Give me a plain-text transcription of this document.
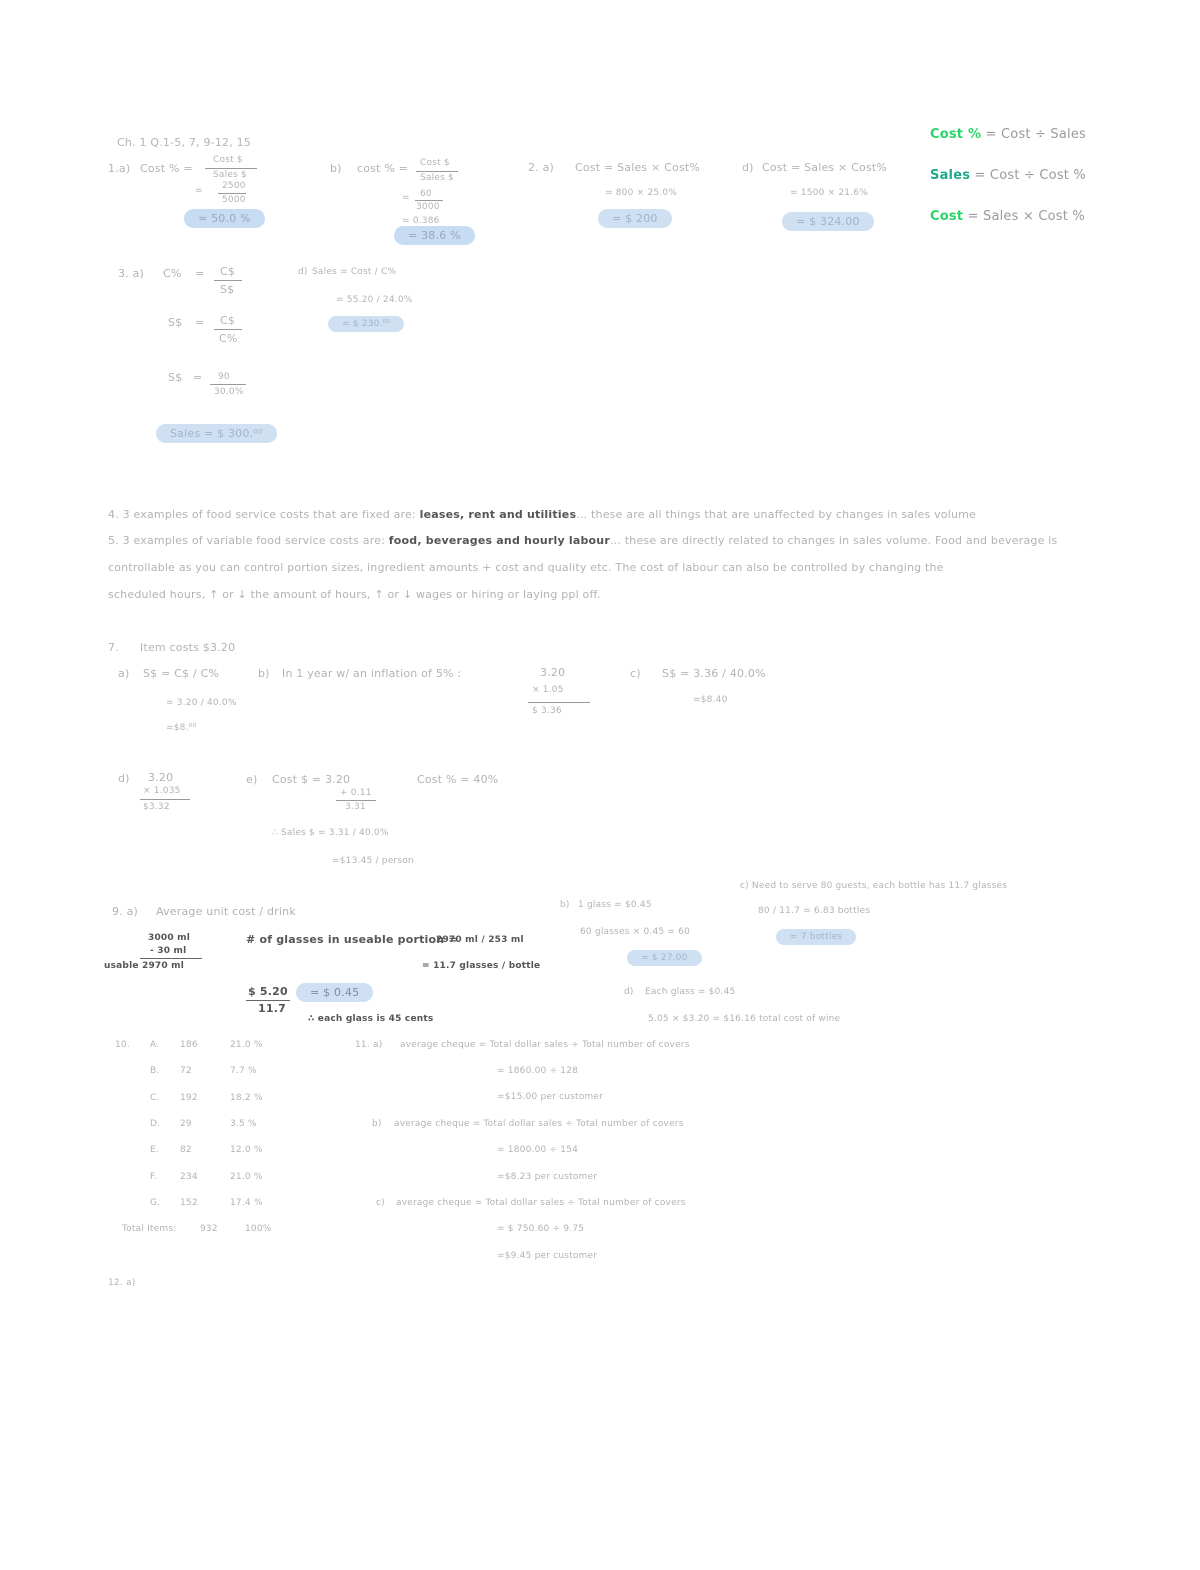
Cost % = Cost ÷ Sales
Sales = Cost ÷ Cost %
Cost = Sales × Cost %
Ch. 1 Q.1-5, 7, 9-12, 15
1.a) Cost % =
Cost $
Sales $
= 2500
5000
= 50.0 %
b) cost % = Cost $
Sales $
= 60
3000
= 0.386
= 38.6 %
2. a) Cost = Sales × Cost%
= 800 × 25.0%
= $ 200
d) Cost = Sales × Cost%
= 1500 × 21.6%
= $ 324.00
3. a) C% = C$
S$
S$ = C$
C%
S$ = 90
30.0%
Sales = $ 300.⁰⁰
d) Sales = Cost / C%
= 55.20 / 24.0%
= $ 230.⁰⁰
4. 3 examples of food service costs that are fixed are: leases, rent and utilities... these are all things that are unaffected by changes in sales volume
5. 3 examples of variable food service costs are: food, beverages and hourly labour... these are directly related to changes in sales volume. Food and beverage is
controllable as you can control portion sizes, ingredient amounts + cost and quality etc. The cost of labour can also be controlled by changing the
scheduled hours, ↑ or ↓ the amount of hours, ↑ or ↓ wages or hiring or laying ppl off.
7. Item costs $3.20
a) S$ = C$ / C%
= 3.20 / 40.0%
=$8.⁰⁰
b) In 1 year w/ an inflation of 5% :	3.20
× 1.05
$ 3.36
c) S$ = 3.36 / 40.0%
=$8.40
d) 3.20
× 1.035
$3.32
e) Cost $ = 3.20
+ 0.11
3.31
Cost % = 40%
∴ Sales $ = 3.31 / 40.0%
=$13.45 / person
c) Need to serve 80 guests, each bottle has 11.7 glasses
9. a) Average unit cost / drink	b) 1 glass = $0.45
60 glasses × 0.45 = 60
= $ 27.00
80 / 11.7 = 6.83 bottles
= 7 bottles
3000 ml
- 30 ml
usable 2970 ml
# of glasses in useable portion =
2970 ml / 253 ml
= 11.7 glasses / bottle
$ 5.20
11.7
= $ 0.45
∴ each glass is 45 cents
d) Each glass = $0.45
5.05 × $3.20 = $16.16 total cost of wine
10. A. 186	21.0 %
B. 72	7.7 %
C. 192	18.2 %
D. 29	3.5 %
E. 82	12.0 %
F.	234	21.0 %
G. 152	17.4 %
Total Items:	932	100%
11. a) average cheque = Total dollar sales ÷ Total number of covers
= 1860.00 ÷ 128
=$15.00 per customer
b) average cheque = Total dollar sales ÷ Total number of covers
= 1800.00 ÷ 154
=$8.23 per customer
c) average cheque = Total dollar sales ÷ Total number of covers
= $ 750.60 ÷ 9.75
=$9.45 per customer
12. a)
